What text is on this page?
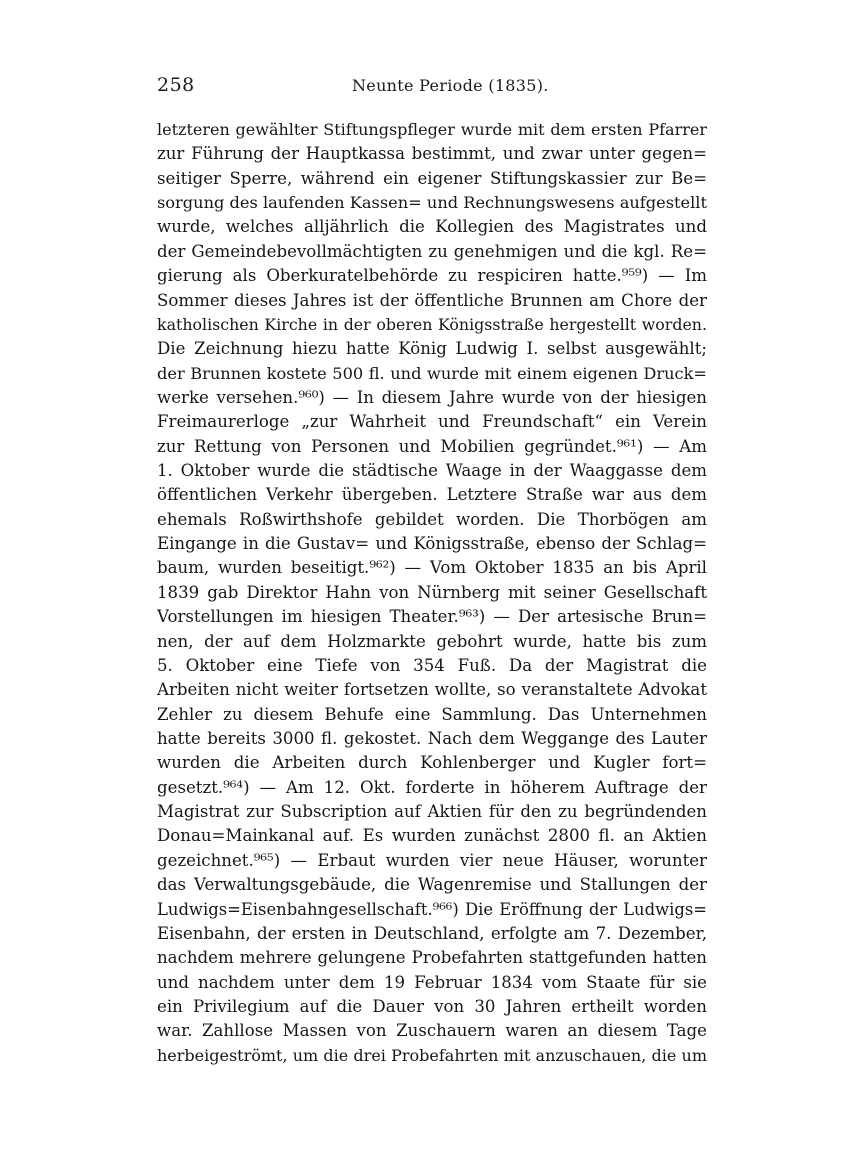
258	Neunte Periode (1835).
letzteren gewählter Stiftungspfleger wurde mit dem ersten Pfarrer
zur Führung der Hauptkassa bestimmt, und zwar unter gegen=
seitiger Sperre, während ein eigener Stiftungskassier zur Be=
sorgung des laufenden Kassen= und Rechnungswesens aufgestellt
wurde, welches alljährlich die Kollegien des Magistrates und
der Gemeindebevollmächtigten zu genehmigen und die kgl. Re=
gierung als Oberkuratelbehörde zu respiciren hatte.⁹⁵⁹) — Im
Sommer dieses Jahres ist der öffentliche Brunnen am Chore der
katholischen Kirche in der oberen Königsstraße hergestellt worden.
Die Zeichnung hiezu hatte König Ludwig I. selbst ausgewählt;
der Brunnen kostete 500 fl. und wurde mit einem eigenen Druck=
werke versehen.⁹⁶⁰) — In diesem Jahre wurde von der hiesigen
Freimaurerloge „zur Wahrheit und Freundschaft“ ein Verein
zur Rettung von Personen und Mobilien gegründet.⁹⁶¹) — Am
1. Oktober wurde die städtische Waage in der Waaggasse dem
öffentlichen Verkehr übergeben. Letztere Straße war aus dem
ehemals Roßwirthshofe gebildet worden. Die Thorbögen am
Eingange in die Gustav= und Königsstraße, ebenso der Schlag=
baum, wurden beseitigt.⁹⁶²) — Vom Oktober 1835 an bis April
1839 gab Direktor Hahn von Nürnberg mit seiner Gesellschaft
Vorstellungen im hiesigen Theater.⁹⁶³) — Der artesische Brun=
nen, der auf dem Holzmarkte gebohrt wurde, hatte bis zum
5. Oktober eine Tiefe von 354 Fuß. Da der Magistrat die
Arbeiten nicht weiter fortsetzen wollte, so veranstaltete Advokat
Zehler zu diesem Behufe eine Sammlung. Das Unternehmen
hatte bereits 3000 fl. gekostet. Nach dem Weggange des Lauter
wurden die Arbeiten durch Kohlenberger und Kugler fort=
gesetzt.⁹⁶⁴) — Am 12. Okt. forderte in höherem Auftrage der
Magistrat zur Subscription auf Aktien für den zu begründenden
Donau=Mainkanal auf. Es wurden zunächst 2800 fl. an Aktien
gezeichnet.⁹⁶⁵) — Erbaut wurden vier neue Häuser, worunter
das Verwaltungsgebäude, die Wagenremise und Stallungen der
Ludwigs=Eisenbahngesellschaft.⁹⁶⁶) Die Eröffnung der Ludwigs=
Eisenbahn, der ersten in Deutschland, erfolgte am 7. Dezember,
nachdem mehrere gelungene Probefahrten stattgefunden hatten
und nachdem unter dem 19 Februar 1834 vom Staate für sie
ein Privilegium auf die Dauer von 30 Jahren ertheilt worden
war. Zahllose Massen von Zuschauern waren an diesem Tage
herbeigeströmt, um die drei Probefahrten mit anzuschauen, die um
